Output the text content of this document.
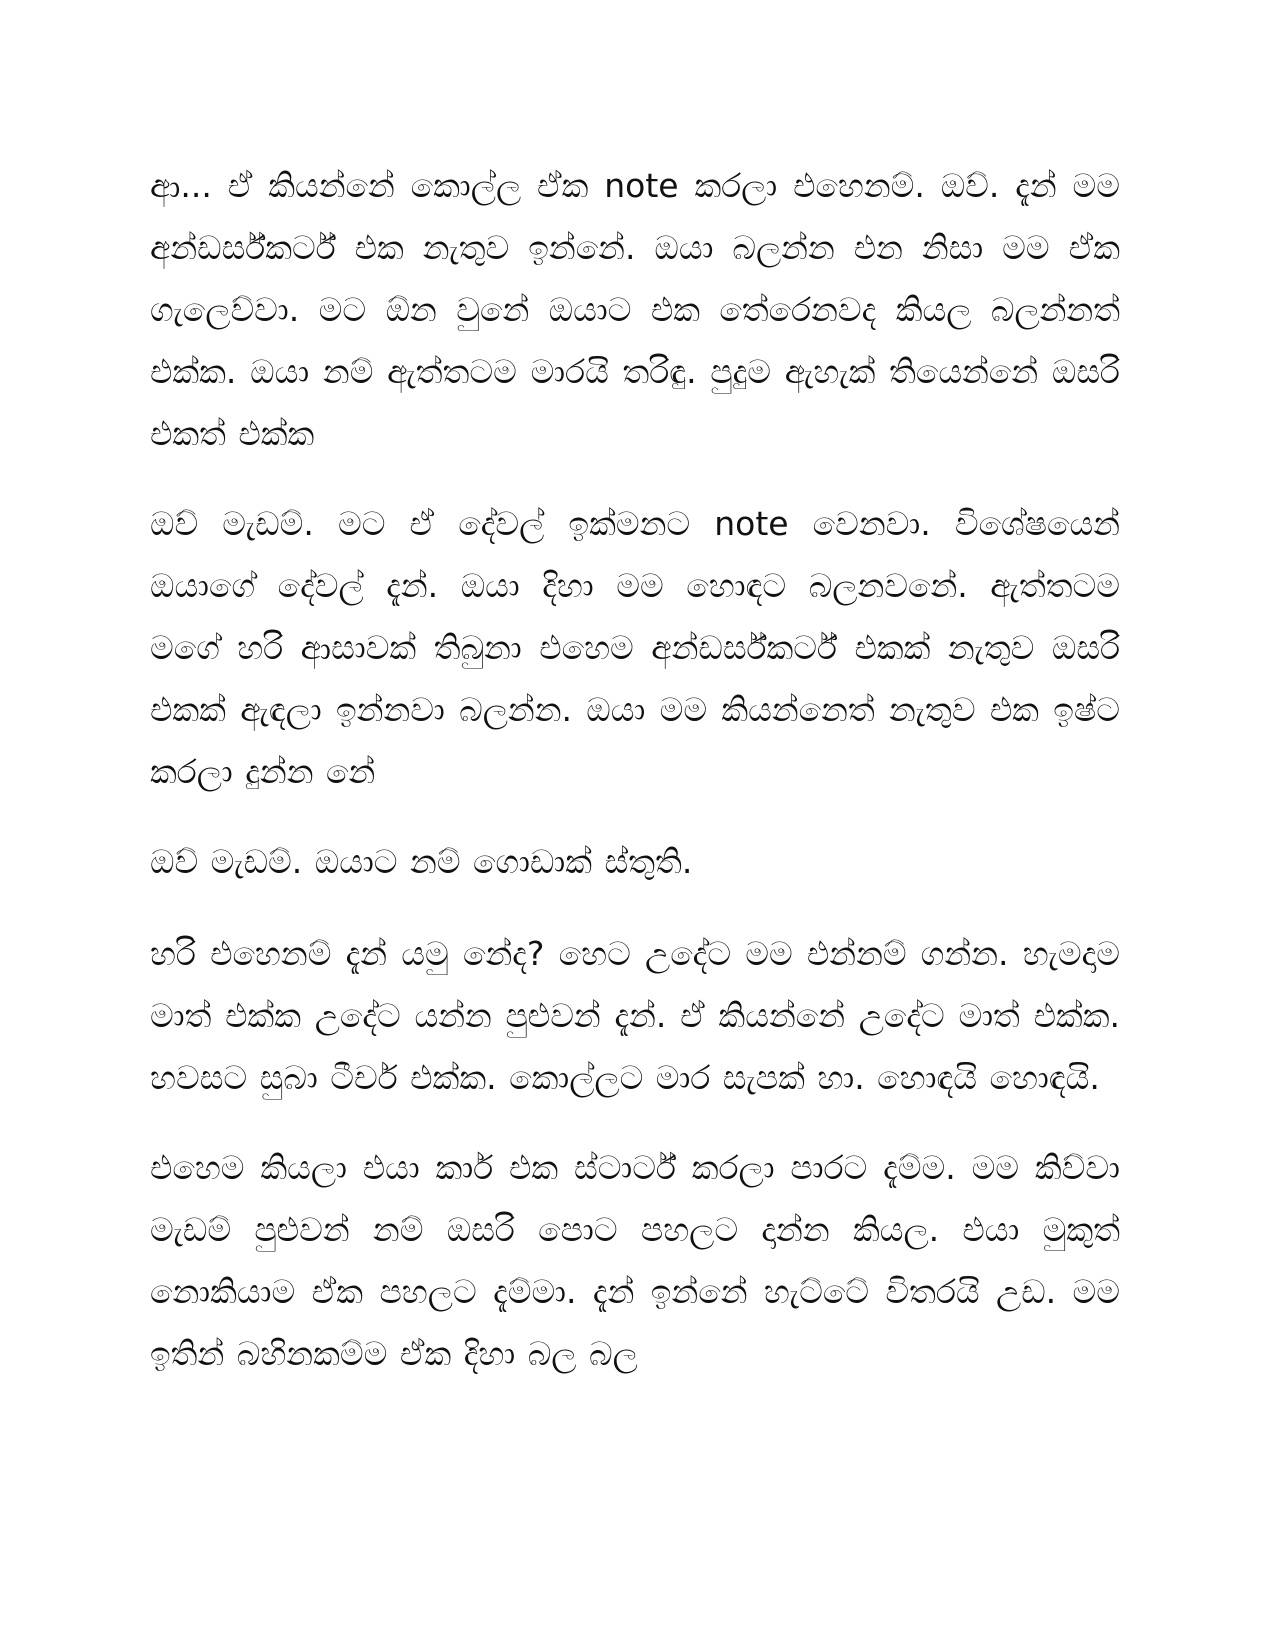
ආ... ඒ කියන්නේ කොල්ල ඒක note කරලා එහෙනම්. ඔව්. දැන් මම අන්ඩර්ස්කර්ට් එක නැතුව ඉන්නේ. ඔයා බලන්න එන නිසා මම ඒක ගැලෙව්වා. මට ඕන වුනේ ඔයාට එක තේරෙනවද කියල බලන්නත් එක්ක. ඔයා නම් ඇත්තටම මාරයි තරිඳු. පුදුම ඇහැක් තියෙන්නේ ඔසරි එකත් එක්ක

ඔව් මැඩම්. මට ඒ දේවල් ඉක්මනට note වෙනවා. විශේෂයෙන් ඔයාගේ දේවල් දැන්. ඔයා දිහා මම හොඳට බලනවනේ. ඇත්තටම මගේ හරි ආසාවක් තිබුනා එහෙම අන්ඩර්ස්කර්ට් එකක් නැතුව ඔසරි එකක් ඇඳලා ඉන්නවා බලන්න. ඔයා මම කියන්නෙත් නැතුව එක ඉෂ්ට කරලා දුන්න නේ

ඔව් මැඩම්. ඔයාට නම් ගොඩාක් ස්තුති.

හරි එහෙනම් දැන් යමු නේද? හෙට උදේට මම එන්නම් ගන්න. හැමදාම මාත් එක්ක උදේට යන්න පුළුවන් දැන්. ඒ කියන්නේ උදේට මාත් එක්ක. හවසට සුබා ටීචර් එක්ක. කොල්ලට මාර සැපක් හා. හොඳයි හොඳයි.

එහෙම කියලා එයා කාර් එක ස්ටාර්ට් කරලා පාරට දැම්ම. මම කිව්වා මැඩම් පුළුවන් නම් ඔසරි පොට පහලට දාන්න කියල. එයා මුකුත් නොකියාම ඒක පහලට දැම්මා. දැන් ඉන්නේ හැට්ටේ විතරයි උඩ. මම ඉතින් බහිනකම්ම ඒක දිහා බල බල
